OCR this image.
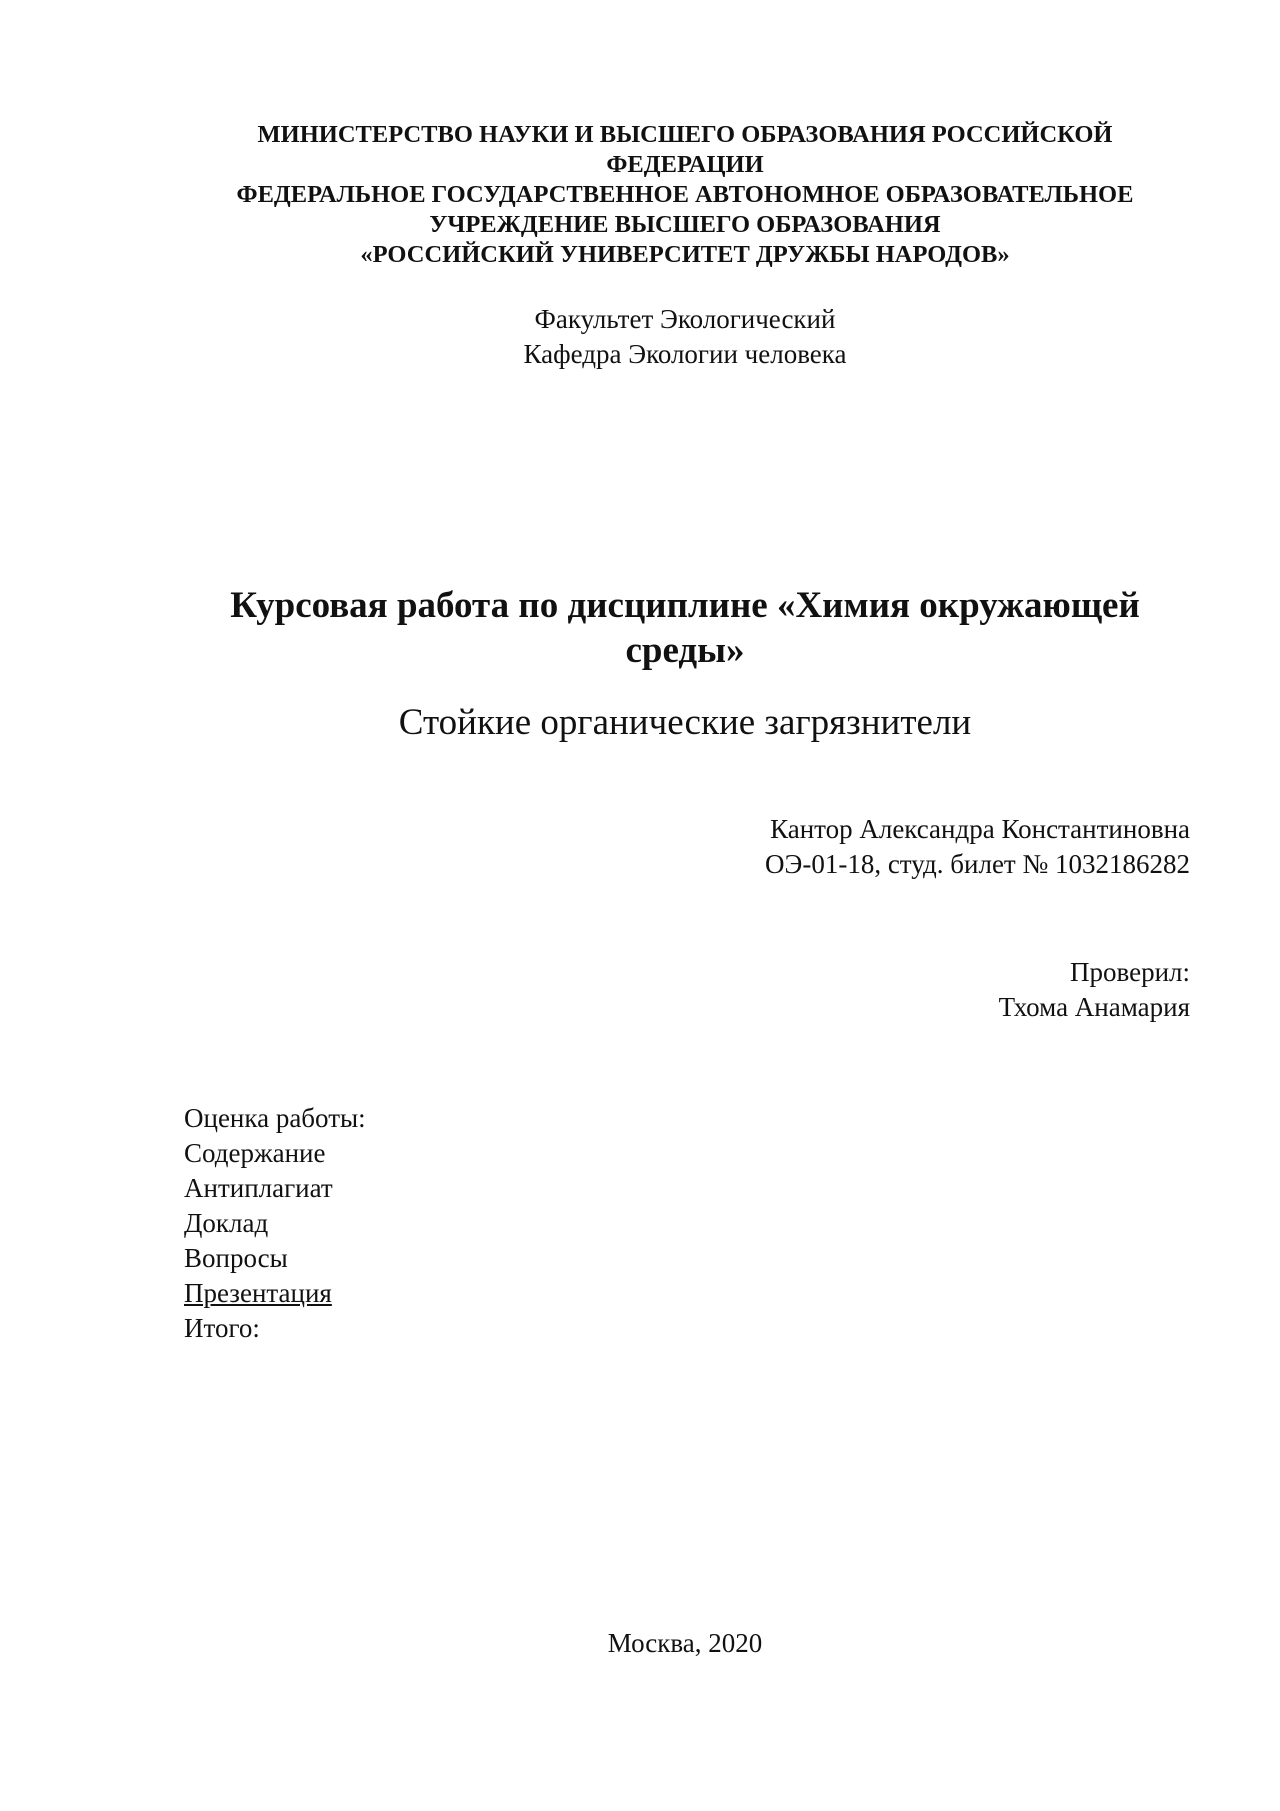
МИНИСТЕРСТВО НАУКИ И ВЫСШЕГО ОБРАЗОВАНИЯ РОССИЙСКОЙ
ФЕДЕРАЦИИ
ФЕДЕРАЛЬНОЕ ГОСУДАРСТВЕННОЕ АВТОНОМНОЕ ОБРАЗОВАТЕЛЬНОЕ
УЧРЕЖДЕНИЕ ВЫСШЕГО ОБРАЗОВАНИЯ
«РОССИЙСКИЙ УНИВЕРСИТЕТ ДРУЖБЫ НАРОДОВ»
Факультет Экологический
Кафедра Экологии человека
Курсовая работа по дисциплине «Химия окружающей
среды»
Стойкие органические загрязнители
Кантор Александра Константиновна
ОЭ-01-18, студ. билет № 1032186282
Проверил:
Тхома Анамария
Оценка работы:
Содержание
Антиплагиат
Доклад
Вопросы
Презентация
Итого:
Москва, 2020
